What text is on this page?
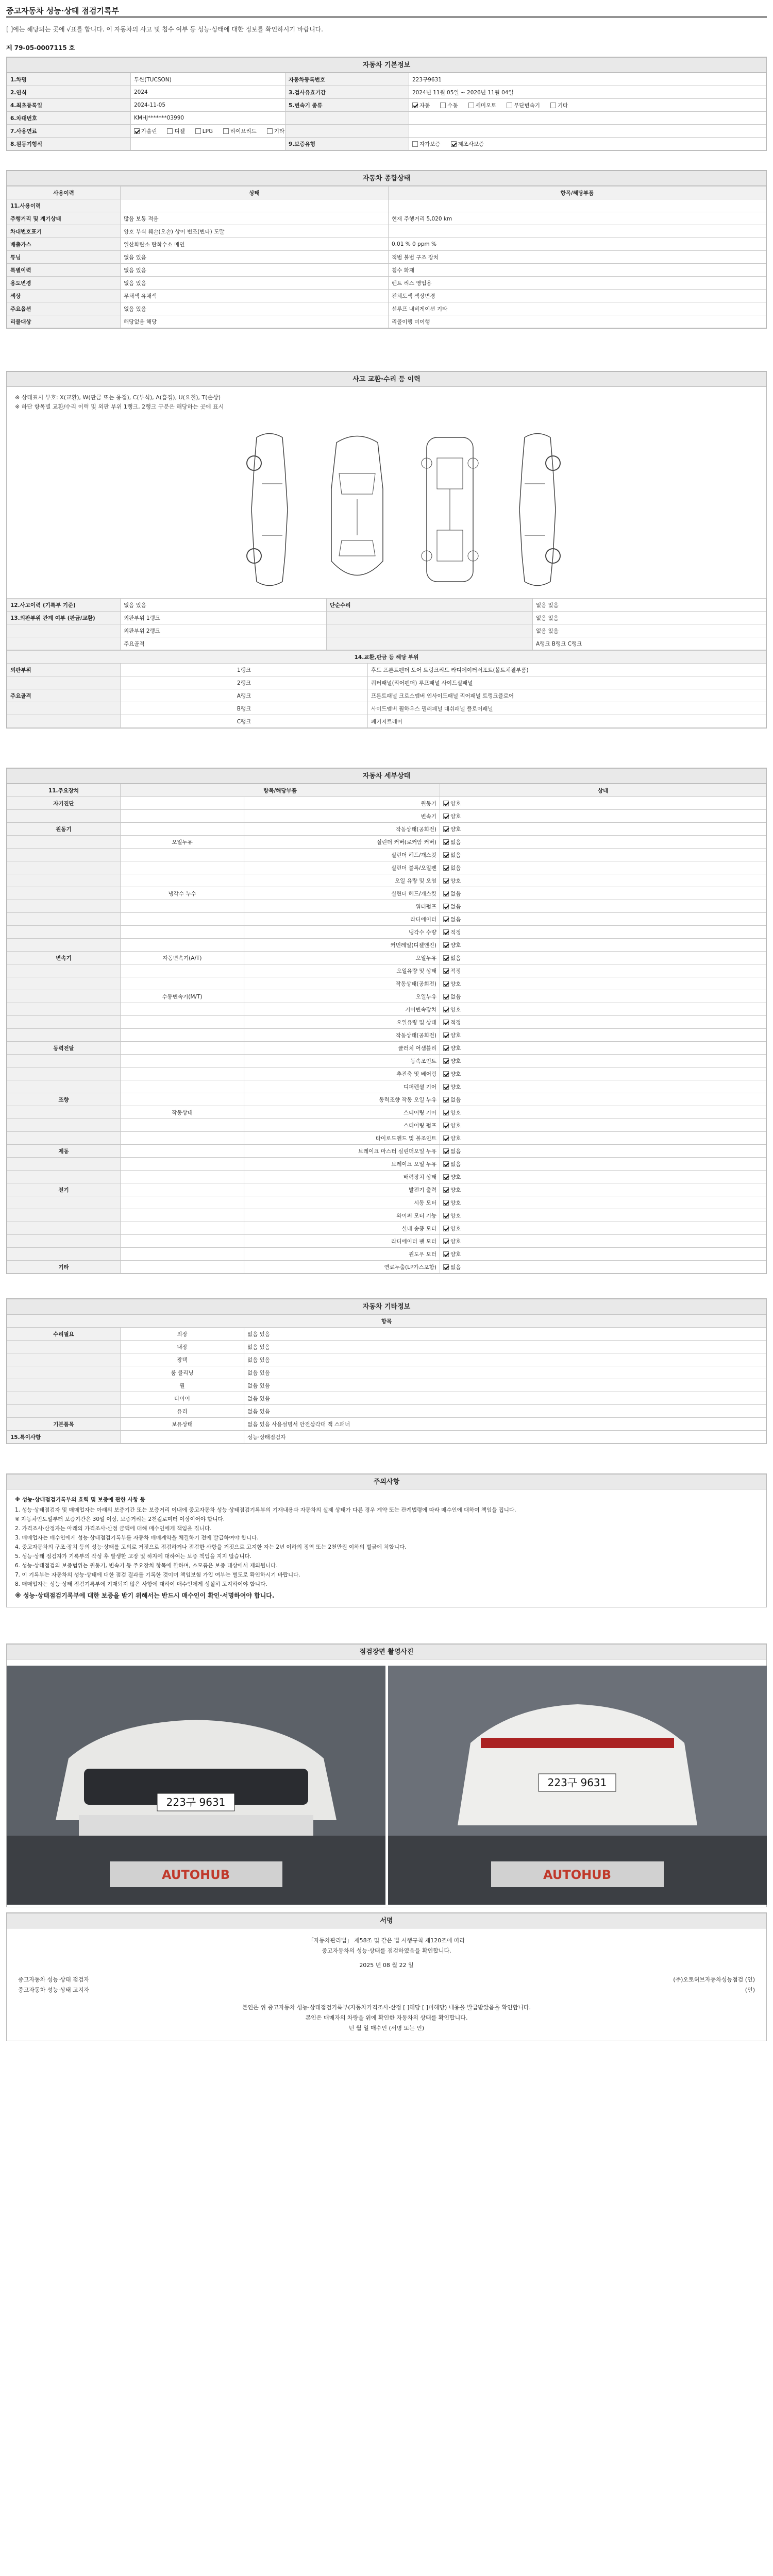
중고자동차 성능·상태 점검기록부
[ ]에는 해당되는 곳에 √표를 합니다. 이 자동차의 사고 및 침수 여부 등 성능·상태에 대한 정보를 확인하시기 바랍니다.
제 79-05-0007115 호
자동차 기본정보
1.차명	투싼(TUCSON)	자동차등록번호	223구9631
2.연식	2024	3.검사유효기간	2024년 11월 05일 ~ 2026년 11월 04일
4.최초등록일	2024-11-05	5.변속기 종류	자동 수동 세미오토 무단변속기 기타
6.차대번호	KMHJ*******03990		
7.사용연료	가솔린 디젤 LPG 하이브리드 기타		
8.원동기형식		9.보증유형	자가보증 제조사보증
자동차 종합상태
사용이력	상태	항목/해당부품
11.사용이력		
주행거리 및 계기상태	많음 보통 적음	현재 주행거리 5,020 km
차대번호표기	양호 부식 훼손(오손) 상이 변조(변타) 도말	
배출가스	일산화탄소 탄화수소 매연	0.01 % 0 ppm %
튜닝	없음 있음	적법 불법 구조 장치
특별이력	없음 있음	침수 화재
용도변경	없음 있음	렌트 리스 영업용
색상	무채색 유채색	전체도색 색상변경
주요옵션	없음 있음	선루프 내비게이션 기타
리콜대상	해당없음 해당	리콜이행 미이행
사고 교환·수리 등 이력
※ 상태표시 부호: X(교환), W(판금 또는 용접), C(부식), A(흠집), U(요철), T(손상)
※ 하단 항목별 교환/수리 이력 및 외판 부위 1랭크, 2랭크 구분은 해당하는 곳에 표시
12.사고이력 (기록부 기준)	없음 있음	단순수리	없음 있음
13.외판부위 관계 여부 (판금/교환)	외판부위 1랭크		없음 있음
	외판부위 2랭크		없음 있음
	주요골격		A랭크 B랭크 C랭크
14.교환,판금 등 해당 부위		
외판부위	1랭크	후드 프론트펜더 도어 트렁크리드 라디에이터서포트(볼트체결부품)
	2랭크	쿼터패널(리어펜더) 루프패널 사이드실패널
주요골격	A랭크	프론트패널 크로스멤버 인사이드패널 리어패널 트렁크플로어
	B랭크	사이드멤버 휠하우스 필러패널 대쉬패널 플로어패널
	C랭크	패키지트레이
자동차 세부상태
11.주요장치	항목/해당부품		상태
자기진단		원동기	양호
		변속기	양호
원동기		작동상태(공회전)	양호
	오일누유	실린더 커버(로커암 커버)	없음
		실린더 헤드/개스킷	없음
		실린더 블록/오일팬	없음
		오일 유량 및 오염	양호
	냉각수 누수	실린더 헤드/개스킷	없음
		워터펌프	없음
		라디에이터	없음
		냉각수 수량	적정
		커먼레일(디젤엔진)	양호
변속기	자동변속기(A/T)	오일누유	없음
		오일유량 및 상태	적정
		작동상태(공회전)	양호
	수동변속기(M/T)	오일누유	없음
		기어변속장치	양호
		오일유량 및 상태	적정
		작동상태(공회전)	양호
동력전달		클러치 어셈블리	양호
		등속조인트	양호
		추진축 및 베어링	양호
		디퍼렌셜 기어	양호
조향		동력조향 작동 오일 누유	없음
	작동상태	스티어링 기어	양호
		스티어링 펌프	양호
		타이로드엔드 및 볼조인트	양호
제동		브레이크 마스터 실린더오일 누유	없음
		브레이크 오일 누유	없음
		배력장치 상태	양호
전기		발전기 출력	양호
		시동 모터	양호
		와이퍼 모터 기능	양호
		실내 송풍 모터	양호
		라디에이터 팬 모터	양호
		윈도우 모터	양호
기타		연료누출(LP가스포함)	없음
자동차 기타정보
항목		
수리필요	외장	없음 있음
	내장	없음 있음
	광택	없음 있음
	룸 클리닝	없음 있음
	휠	없음 있음
	타이어	없음 있음
	유리	없음 있음
기본품목	보유상태	없음 있음 사용설명서 안전삼각대 잭 스패너
15.특이사항		성능·상태점검자
주의사항
※ 성능·상태점검기록부의 효력 및 보증에 관한 사항 등

1. 성능·상태점검자 및 매매업자는 아래의 보증기간 또는 보증거리 이내에 중고자동차 성능·상태점검기록부의 기재내용과 자동차의 실제 상태가 다른 경우 계약 또는 관계법령에 따라 매수인에 대하여 책임을 집니다.

※ 자동차인도일부터 보증기간은 30일 이상, 보증거리는 2천킬로미터 이상이어야 합니다.

2. 가격조사·산정자는 아래의 가격조사·산정 금액에 대해 매수인에게 책임을 집니다.

3. 매매업자는 매수인에게 성능·상태점검기록부를 자동차 매매계약을 체결하기 전에 발급하여야 합니다.

4. 중고자동차의 구조·장치 등의 성능·상태를 고의로 거짓으로 점검하거나 점검한 사항을 거짓으로 고지한 자는 2년 이하의 징역 또는 2천만원 이하의 벌금에 처합니다.

5. 성능·상태 점검자가 기록부의 작성 후 발생한 고장 및 하자에 대하여는 보증 책임을 지지 않습니다.

6. 성능·상태점검의 보증범위는 원동기, 변속기 등 주요장치 항목에 한하며, 소모품은 보증 대상에서 제외됩니다.

7. 이 기록부는 자동차의 성능·상태에 대한 점검 결과를 기록한 것이며 책임보험 가입 여부는 별도로 확인하시기 바랍니다.

8. 매매업자는 성능·상태 점검기록부에 기재되지 않은 사항에 대하여 매수인에게 성실히 고지하여야 합니다.

※ 성능·상태점검기록부에 대한 보증을 받기 위해서는 반드시 매수인이 확인·서명하여야 합니다.

점검장면 촬영사진
223구 9631
AUTOHUB
223구 9631
AUTOHUB
서명
「자동차관리법」 제58조 및 같은 법 시행규칙 제120조에 따라
중고자동차의 성능·상태를 점검하였음을 확인합니다.
2025 년 08 월 22 일
중고자동차 성능·상태 점검자	(주)오토허브자동차성능점검 (인)
중고자동차 성능·상태 고지자	(인)
본인은 위 중고자동차 성능·상태점검기록부(자동차가격조사·산정 [ ]해당 [ ]미해당) 내용을 발급받았음을 확인합니다.
본인은 매매자의 차량을 위에 확인한 자동차의 상태를 확인합니다.
년 월 일 매수인 (서명 또는 인)
